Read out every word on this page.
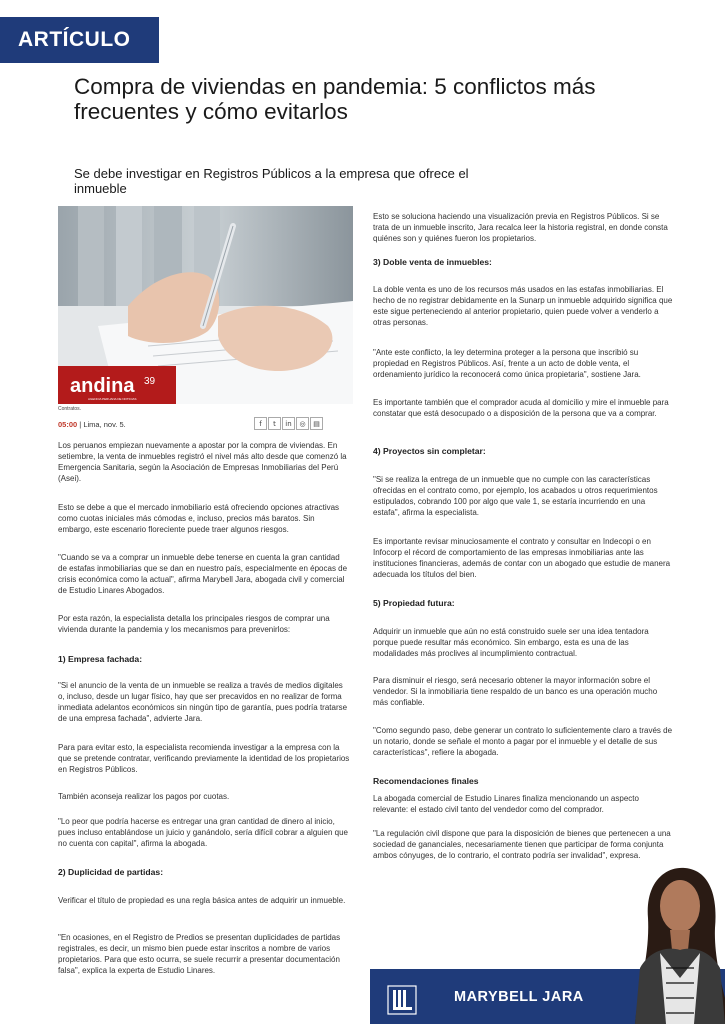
ARTÍCULO
Compra de viviendas en pandemia: 5 conflictos más frecuentes y cómo evitarlos

Se debe investigar en Registros Públicos a la empresa que ofrece el inmueble

andina 39
AGENCIA PERUANA DE NOTICIAS
Contratos.
05:00 | Lima, nov. 5.	f	t	in	◎	▤

Los peruanos empiezan nuevamente a apostar por la compra de viviendas. En setiembre, la venta de inmuebles registró el nivel más alto desde que comenzó la Emergencia Sanitaria, según la Asociación de Empresas Inmobiliarias del Perú (Asei).

Esto se debe a que el mercado inmobiliario está ofreciendo opciones atractivas como cuotas iniciales más cómodas e, incluso, precios más baratos. Sin embargo, este escenario floreciente puede traer algunos riesgos.

"Cuando se va a comprar un inmueble debe tenerse en cuenta la gran cantidad de estafas inmobiliarias que se dan en nuestro país, especialmente en épocas de crisis económica como la actual", afirma Marybell Jara, abogada civil y comercial de Estudio Linares Abogados.

Por esta razón, la especialista detalla los principales riesgos de comprar una vivienda durante la pandemia y los mecanismos para prevenirlos:

1) Empresa fachada:

"Si el anuncio de la venta de un inmueble se realiza a través de medios digitales o, incluso, desde un lugar físico, hay que ser precavidos en no realizar de forma inmediata adelantos económicos sin ningún tipo de garantía, pues podría tratarse de una empresa fachada", advierte Jara.

Para para evitar esto, la especialista recomienda investigar a la empresa con la que se pretende contratar, verificando previamente la identidad de los propietarios en Registros Públicos.

También aconseja realizar los pagos por cuotas.

"Lo peor que podría hacerse es entregar una gran cantidad de dinero al inicio, pues incluso entablándose un juicio y ganándolo, sería difícil cobrar a alguien que no cuenta con capital", afirma la abogada.

2) Duplicidad de partidas:

Verificar el título de propiedad es una regla básica antes de adquirir un inmueble.

"En ocasiones, en el Registro de Predios se presentan duplicidades de partidas registrales, es decir, un mismo bien puede estar inscritos a nombre de varios propietarios. Para que esto ocurra, se suele recurrir a presentar documentación falsa", explica la experta de Estudio Linares.

Esto se soluciona haciendo una visualización previa en Registros Públicos. Si se trata de un inmueble inscrito, Jara recalca leer la historia registral, en donde consta quiénes son y quiénes fueron los propietarios.

3) Doble venta de inmuebles:

La doble venta es uno de los recursos más usados en las estafas inmobiliarias. El hecho de no registrar debidamente en la Sunarp un inmueble adquirido significa que este sigue perteneciendo al anterior propietario, quien puede volver a venderlo a otras personas.

"Ante este conflicto, la ley determina proteger a la persona que inscribió su propiedad en Registros Públicos. Así, frente a un acto de doble venta, el ordenamiento jurídico la reconocerá como única propietaria", sostiene Jara.

Es importante también que el comprador acuda al domicilio y mire el inmueble para constatar que está desocupado o a disposición de la persona que va a comprar.

4) Proyectos sin completar:

"Si se realiza la entrega de un inmueble que no cumple con las características ofrecidas en el contrato como, por ejemplo, los acabados u otros requerimientos estipulados, cobrando 100 por algo que vale 1, se estaría incurriendo en una estafa", afirma la especialista.

Es importante revisar minuciosamente el contrato y consultar en Indecopi o en Infocorp el récord de comportamiento de las empresas inmobiliarias ante las instituciones financieras, además de contar con un abogado que estudie de manera adecuada los títulos del bien.

5) Propiedad futura:

Adquirir un inmueble que aún no está construido suele ser una idea tentadora porque puede resultar más económico. Sin embargo, esta es una de las modalidades más proclives al incumplimiento contractual.

Para disminuir el riesgo, será necesario obtener la mayor información sobre el vendedor. Si la inmobiliaria tiene respaldo de un banco es una operación mucho más confiable.

"Como segundo paso, debe generar un contrato lo suficientemente claro a través de un notario, donde se señale el monto a pagar por el inmueble y el detalle de sus características", refiere la abogada.

Recomendaciones finales

La abogada comercial de Estudio Linares finaliza mencionando un aspecto relevante: el estado civil tanto del vendedor como del comprador.

"La regulación civil dispone que para la disposición de bienes que pertenecen a una sociedad de gananciales, necesariamente tienen que participar de forma conjunta ambos cónyuges, de lo contrario, el contrato podría ser invalidad", expresa.

MARYBELL JARA
